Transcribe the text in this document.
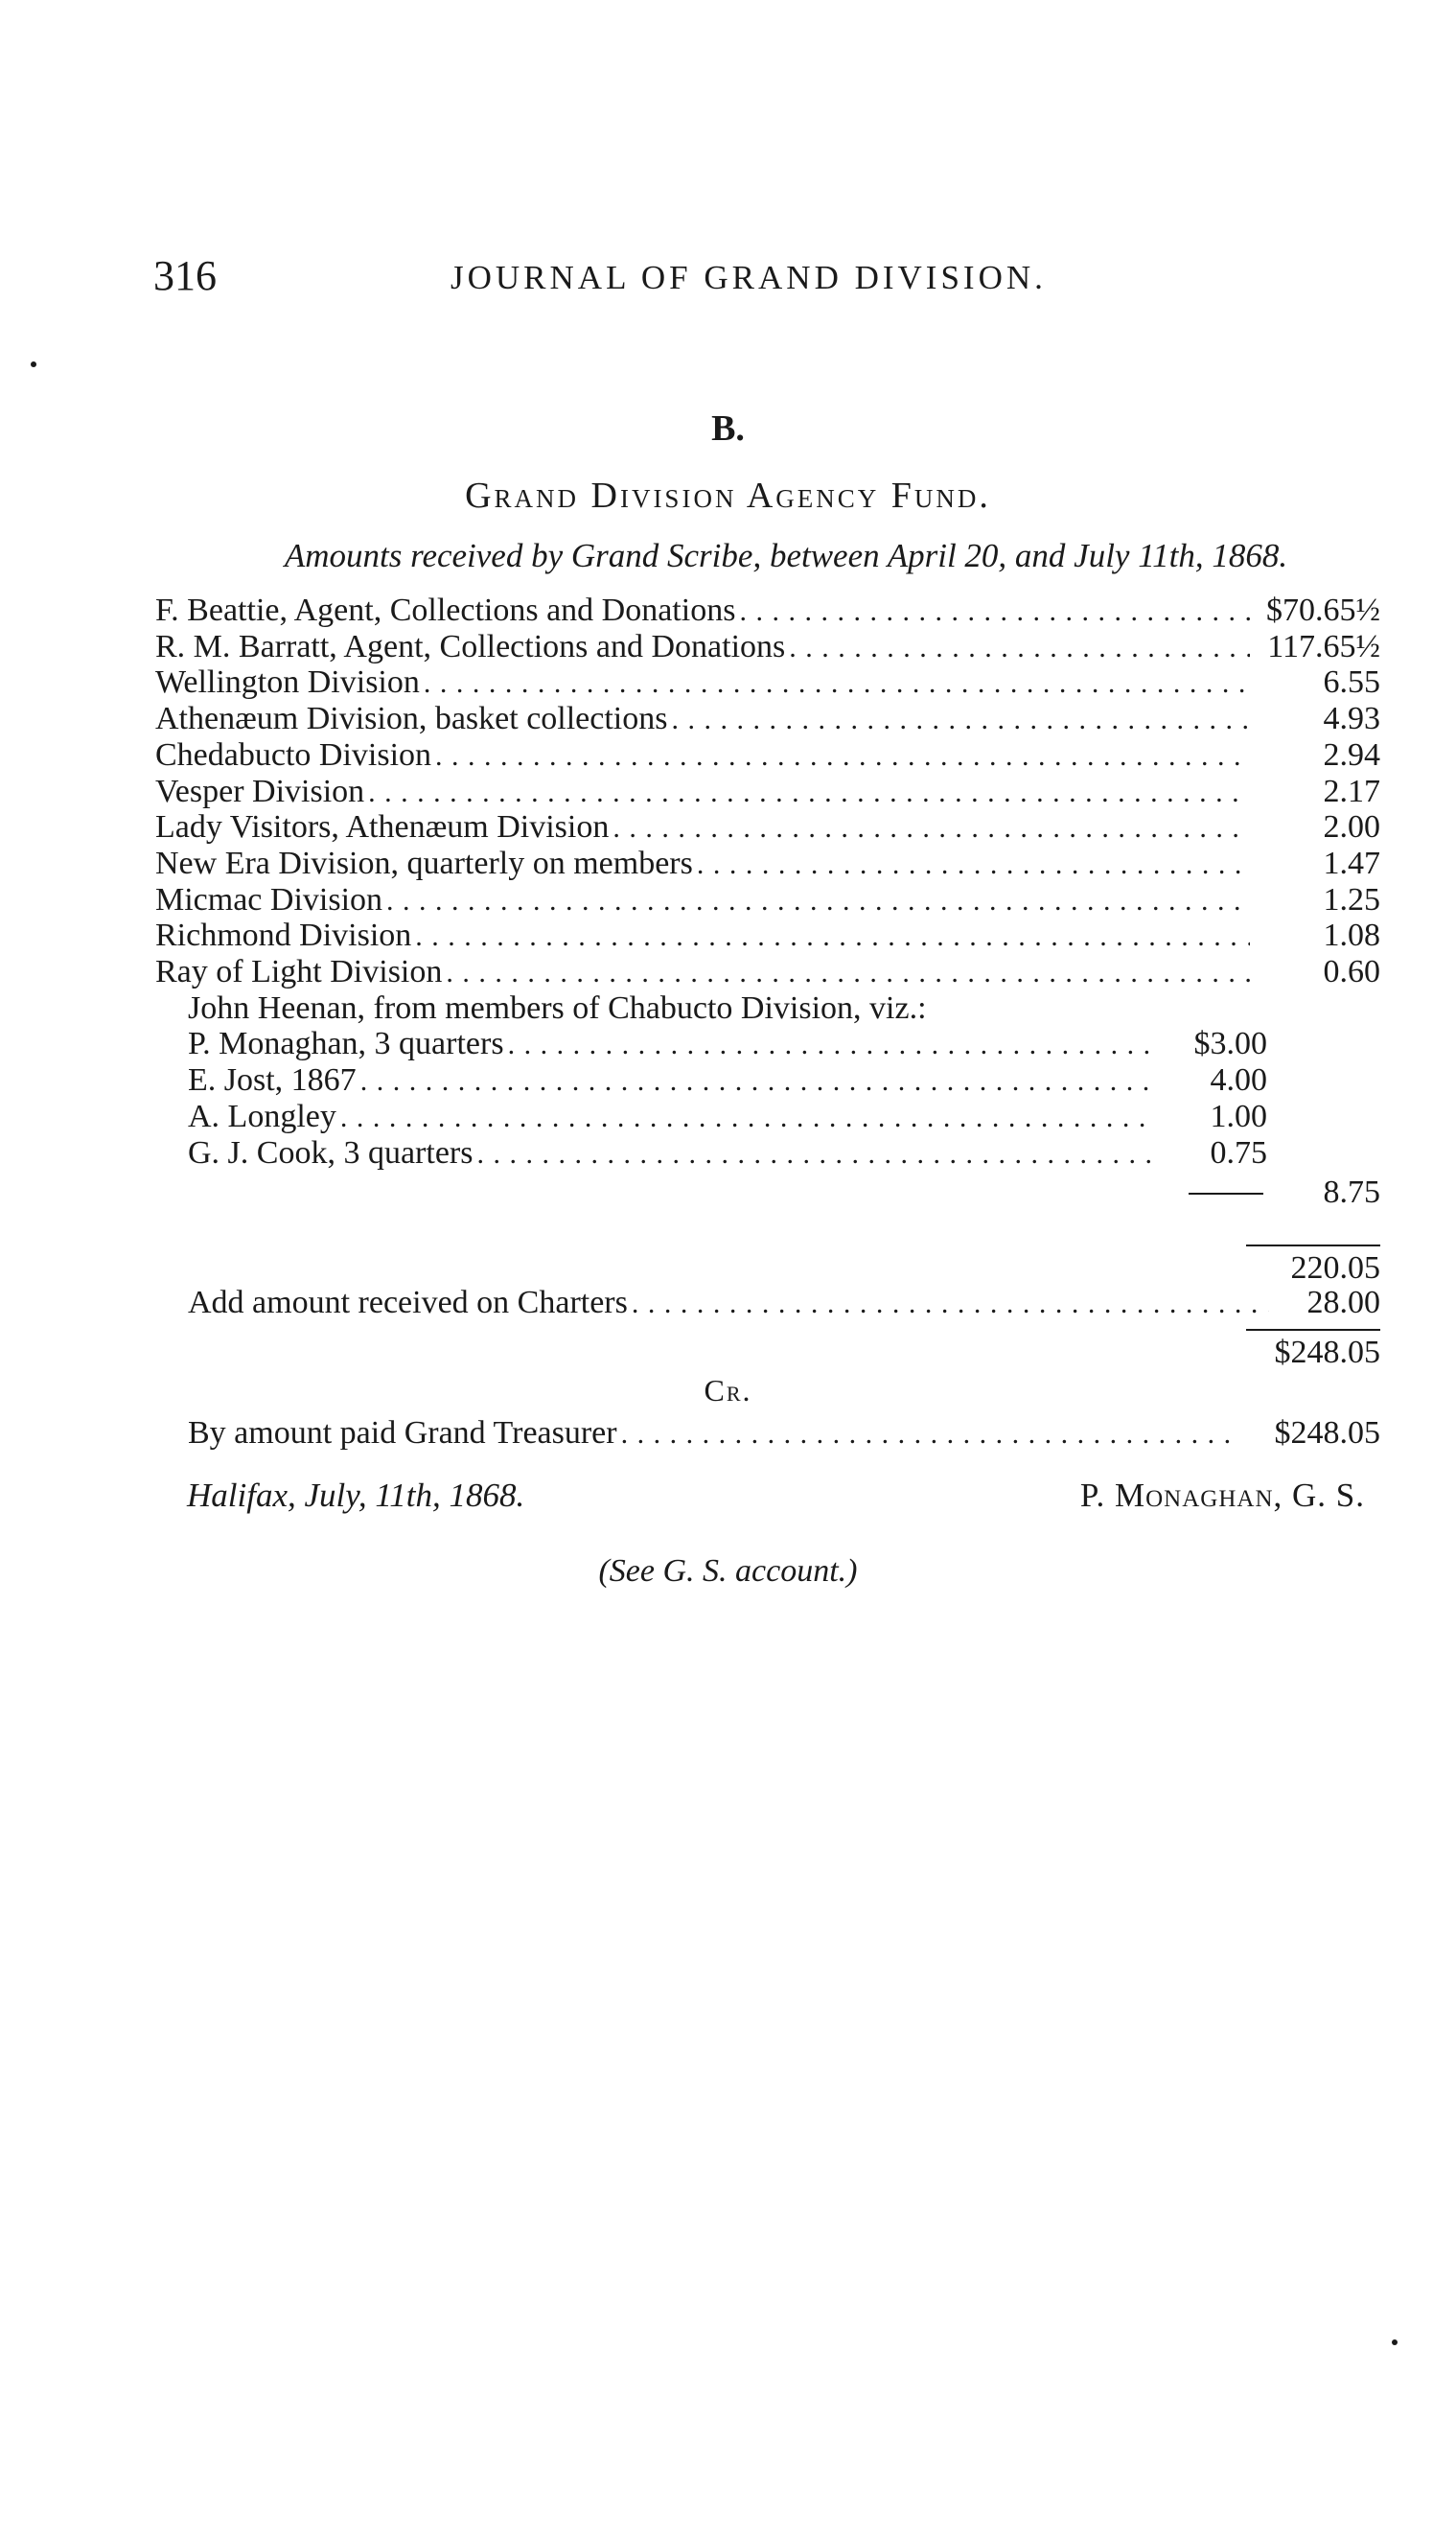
316	JOURNAL OF GRAND DIVISION.
B.
Grand Division Agency Fund.
Amounts received by Grand Scribe, between April 20, and July 11th, 1868.
F. Beattie, Agent, Collections and Donations . . .	$70.65½
R. M. Barratt, Agent, Collections and Donations . . .	117.65½
Wellington Division . . .	6.55
Athenæum Division, basket collections . . .	4.93
Chedabucto Division . . .	2.94
Vesper Division . . .	2.17
Lady Visitors, Athenæum Division . . .	2.00
New Era Division, quarterly on members . . .	1.47
Micmac Division . . .	1.25
Richmond Division . . .	1.08
Ray of Light Division . . .	0.60
John Heenan, from members of Chabucto Division, viz.:
P. Monaghan, 3 quarters . . .	$3.00
E. Jost, 1867 . . .	4.00
A. Longley . . .	1.00
G. J. Cook, 3 quarters . . .	0.75
8.75
220.05
Add amount received on Charters . . .	28.00
$248.05
By amount paid Grand Treasurer . . .	$248.05
Cr.
Halifax, July, 11th, 1868.	P. Monaghan, G. S.
(See G. S. account.)
